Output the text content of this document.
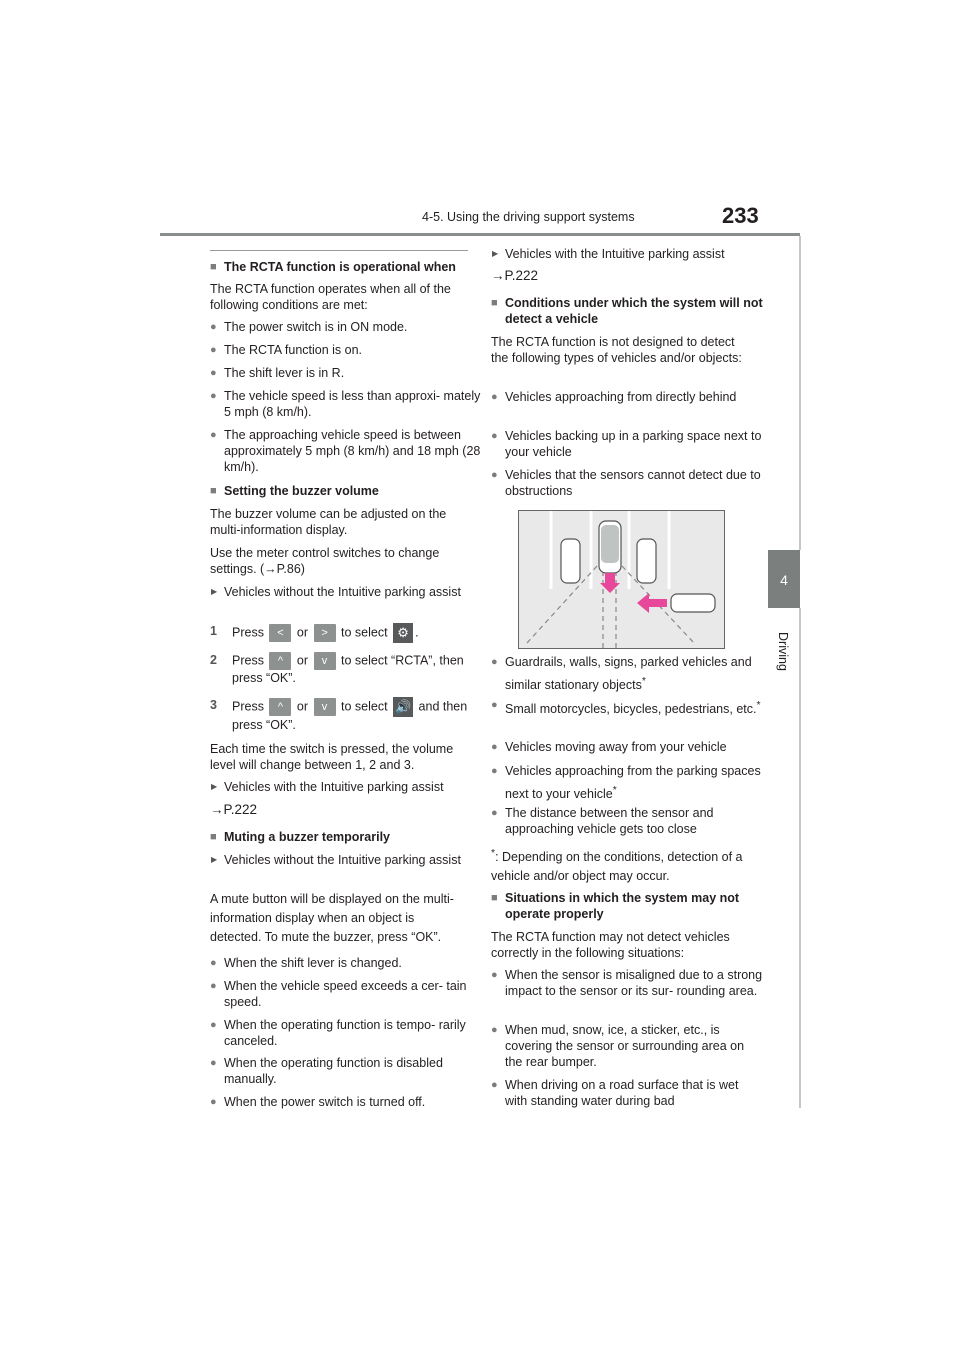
4-5. Using the driving support systems	233
4
Driving
■ The RCTA function is operational when
The RCTA function operates when all of the following conditions are met:
● The power switch is in ON mode.
● The RCTA function is on.
● The shift lever is in R.
● The vehicle speed is less than approxi- mately 5 mph (8 km/h).
● The approaching vehicle speed is between approximately 5 mph (8 km/h) and 18 mph (28 km/h).
■ Setting the buzzer volume
The buzzer volume can be adjusted on the multi-information display.
Use the meter control switches to change settings. (→P.86)
▶ Vehicles without the Intuitive parking assist
1 Press < or > to select ⚙ .
2 Press ^ or v to select “RCTA”, then press “OK”.
3 Press ^ or v to select 🔊 and then press “OK”.
Each time the switch is pressed, the volume level will change between 1, 2 and 3.
▶ Vehicles with the Intuitive parking assist
→P.222
■ Muting a buzzer temporarily
▶ Vehicles without the Intuitive parking assist
A mute button will be displayed on the multi-information display when an object is detected. To mute the buzzer, press “OK”.
● When the shift lever is changed.
● When the vehicle speed exceeds a cer- tain speed.
● When the operating function is tempo- rarily canceled.
● When the operating function is disabled manually.
● When the power switch is turned off.
▶ Vehicles with the Intuitive parking assist
→P.222
■ Conditions under which the system will not detect a vehicle
The RCTA function is not designed to detect the following types of vehicles and/or objects:
● Vehicles approaching from directly behind
● Vehicles backing up in a parking space next to your vehicle
● Vehicles that the sensors cannot detect due to obstructions
● Guardrails, walls, signs, parked vehicles and similar stationary objects*
● Small motorcycles, bicycles, pedestrians, etc.*
● Vehicles moving away from your vehicle
● Vehicles approaching from the parking spaces next to your vehicle*
● The distance between the sensor and approaching vehicle gets too close
*: Depending on the conditions, detection of a vehicle and/or object may occur.
■ Situations in which the system may not operate properly
The RCTA function may not detect vehicles correctly in the following situations:
● When the sensor is misaligned due to a strong impact to the sensor or its sur- rounding area.
● When mud, snow, ice, a sticker, etc., is covering the sensor or surrounding area on the rear bumper.
● When driving on a road surface that is wet with standing water during bad
